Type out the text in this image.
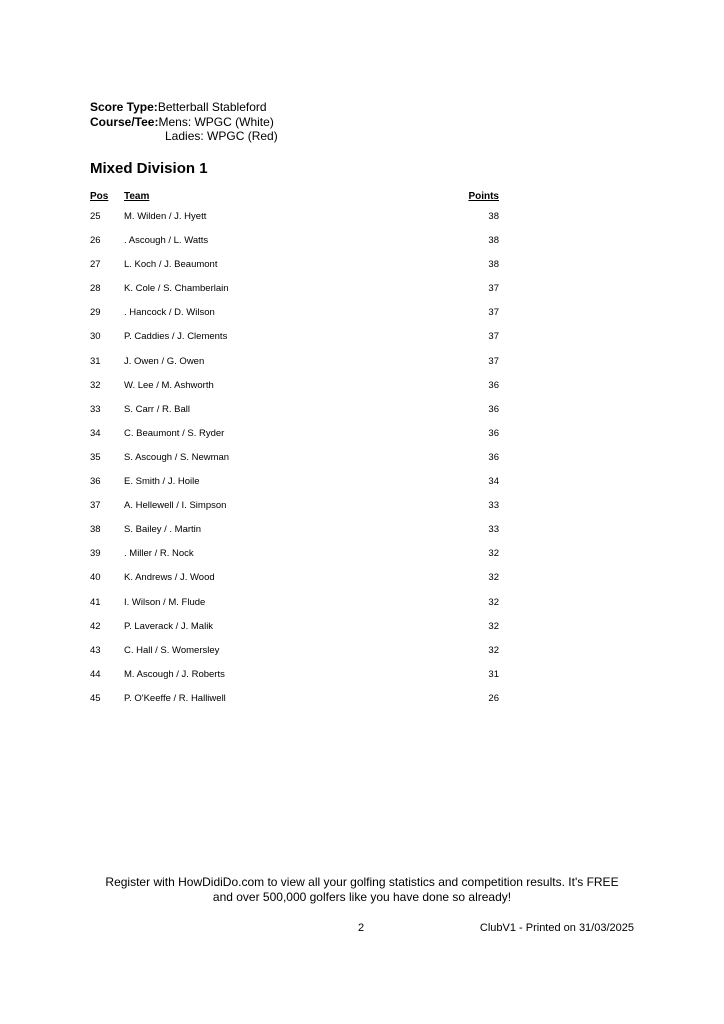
Score Type:Betterball Stableford
Course/Tee:Mens: WPGC (White)
Ladies: WPGC (Red)
Mixed Division 1
Pos Team	Points
25 M. Wilden / J. Hyett	38
26 . Ascough / L. Watts	38
27 L. Koch / J. Beaumont	38
28 K. Cole / S. Chamberlain	37
29 . Hancock / D. Wilson	37
30 P. Caddies / J. Clements	37
31 J. Owen / G. Owen	37
32 W. Lee / M. Ashworth	36
33 S. Carr / R. Ball	36
34 C. Beaumont / S. Ryder	36
35 S. Ascough / S. Newman	36
36 E. Smith / J. Hoile	34
37 A. Hellewell / I. Simpson	33
38 S. Bailey / . Martin	33
39 . Miller / R. Nock	32
40 K. Andrews / J. Wood	32
41 I. Wilson / M. Flude	32
42 P. Laverack / J. Malik	32
43 C. Hall / S. Womersley	32
44 M. Ascough / J. Roberts	31
45 P. O'Keeffe / R. Halliwell	26
Register with HowDidiDo.com to view all your golfing statistics and competition results. It's FREE
and over 500,000 golfers like you have done so already!
2	ClubV1 - Printed on 31/03/2025
